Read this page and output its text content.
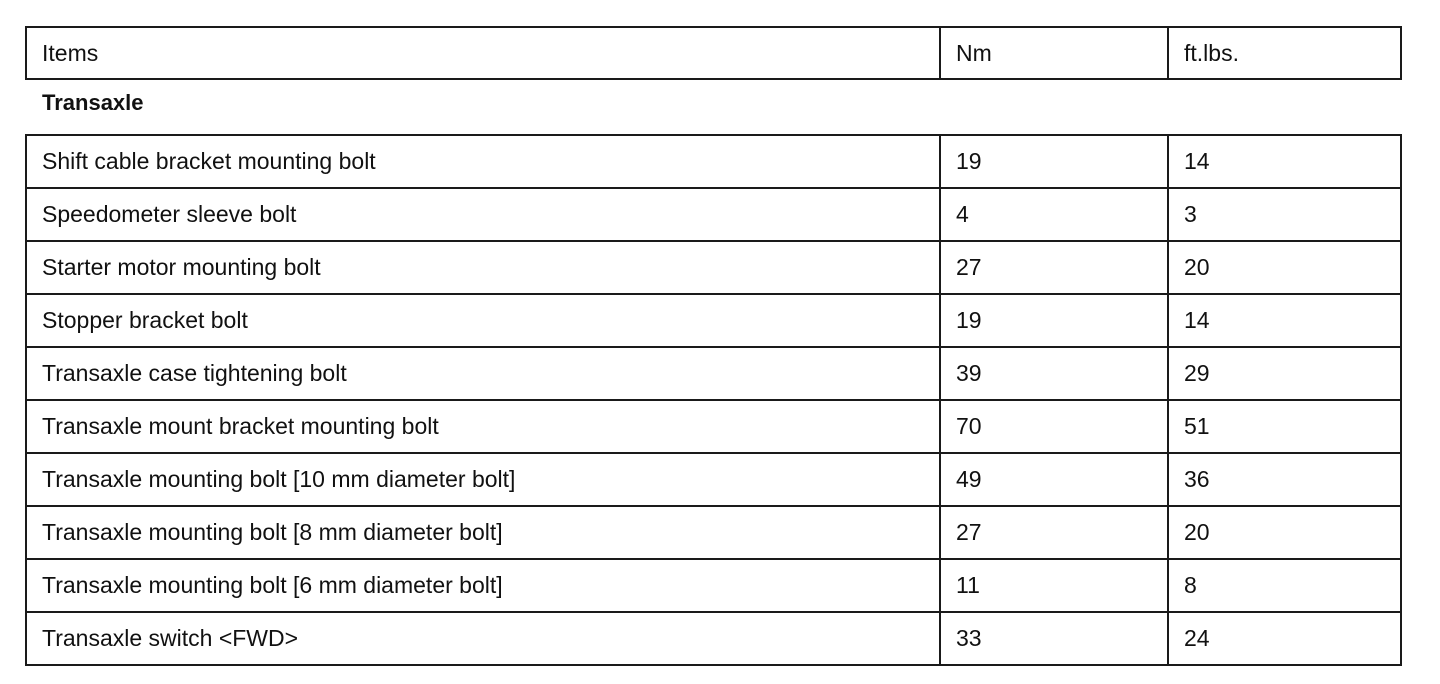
Items	Nm	ft.lbs.

Transaxle

Shift cable bracket mounting bolt	19	14
Speedometer sleeve bolt	4	3
Starter motor mounting bolt	27	20
Stopper bracket bolt	19	14
Transaxle case tightening bolt	39	29
Transaxle mount bracket mounting bolt	70	51
Transaxle mounting bolt [10 mm diameter bolt]	49	36
Transaxle mounting bolt [8 mm diameter bolt]	27	20
Transaxle mounting bolt [6 mm diameter bolt]	11	8
Transaxle switch <FWD>	33	24
